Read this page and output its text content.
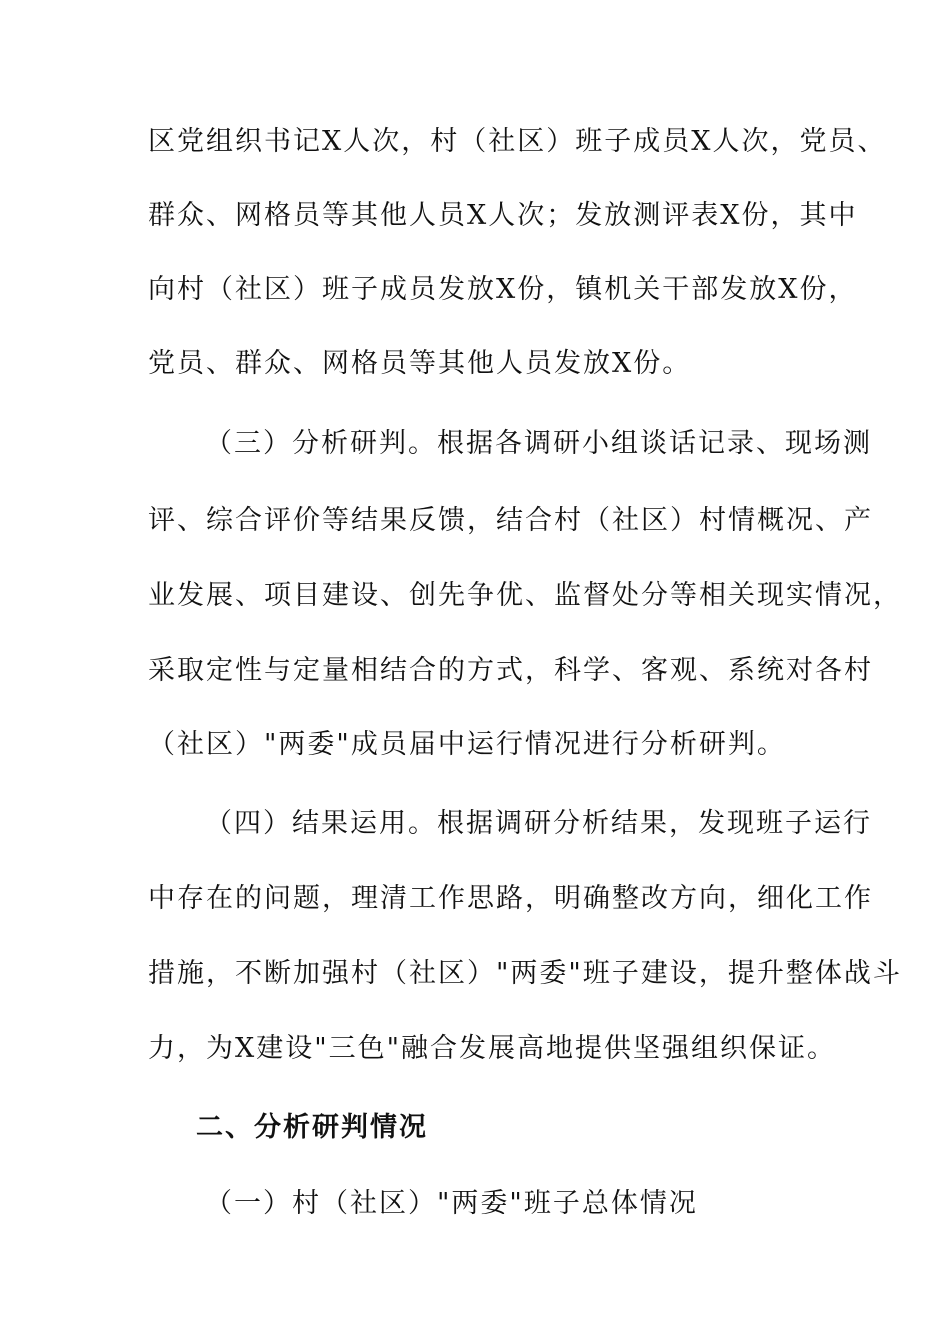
区党组织书记X人次，村（社区）班子成员X人次，党员、
群众、网格员等其他人员X人次；发放测评表X份，其中
向村（社区）班子成员发放X份，镇机关干部发放X份，
党员、群众、网格员等其他人员发放X份。
（三）分析研判。根据各调研小组谈话记录、现场测
评、综合评价等结果反馈，结合村（社区）村情概况、产
业发展、项目建设、创先争优、监督处分等相关现实情况，
采取定性与定量相结合的方式，科学、客观、系统对各村
（社区）"两委"成员届中运行情况进行分析研判。
（四）结果运用。根据调研分析结果，发现班子运行
中存在的问题，理清工作思路，明确整改方向，细化工作
措施，不断加强村（社区）"两委"班子建设，提升整体战斗
力，为X建设"三色"融合发展高地提供坚强组织保证。
二、分析研判情况
（一）村（社区）"两委"班子总体情况
